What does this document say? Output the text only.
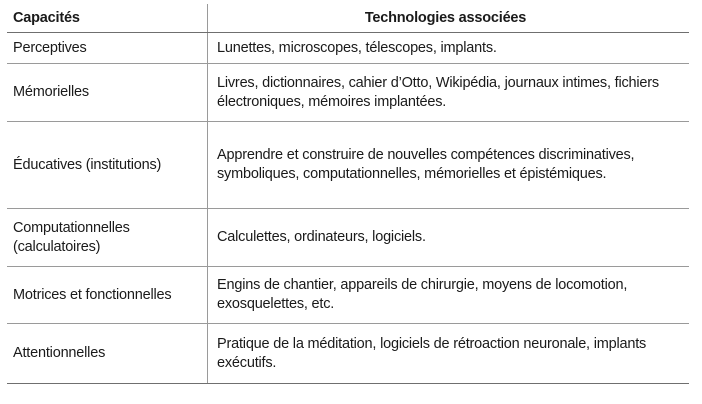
Capacités	Technologies associées
Perceptives	Lunettes, microscopes, télescopes, implants.
Mémorielles
Livres, dictionnaires, cahier d’Otto, Wikipédia, journaux intimes, fichiers
électroniques, mémoires implantées.
Éducatives (institutions)
Apprendre et construire de nouvelles compétences discriminatives,
symboliques, computationnelles, mémorielles et épistémiques.
Computationnelles
(calculatoires)
Calculettes, ordinateurs, logiciels.
Motrices et fonctionnelles
Engins de chantier, appareils de chirurgie, moyens de locomotion,
exosquelettes, etc.
Attentionnelles
Pratique de la méditation, logiciels de rétroaction neuronale, implants
exécutifs.
